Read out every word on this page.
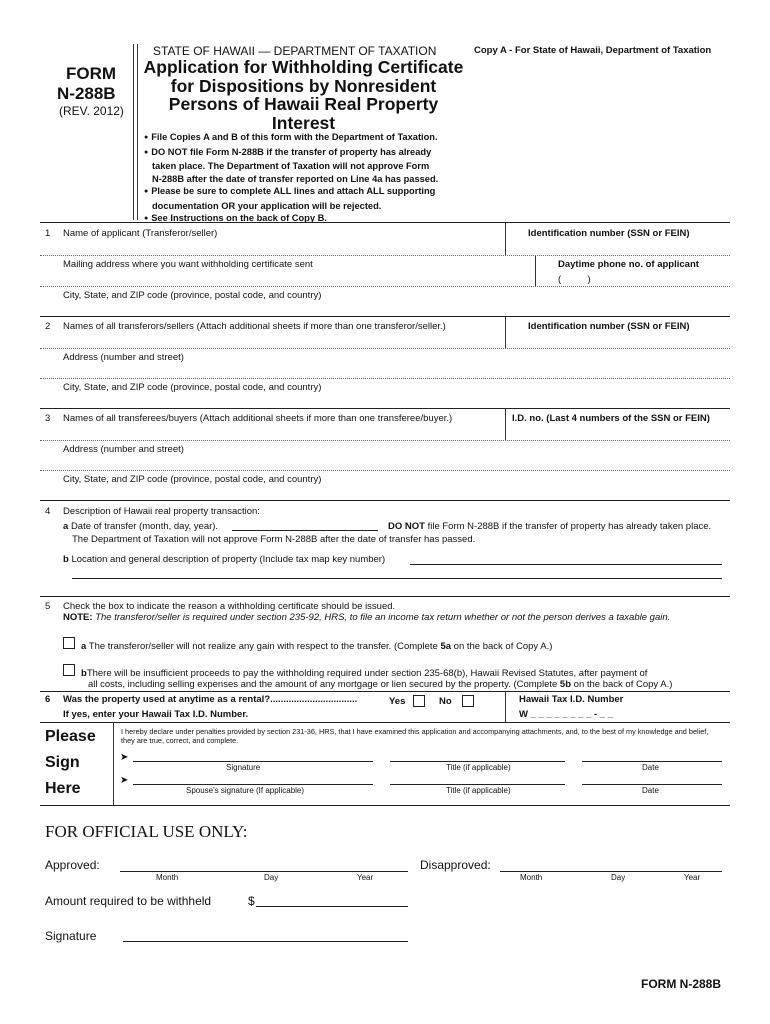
FORM
N-288B
(REV. 2012)
STATE OF HAWAII — DEPARTMENT OF TAXATION	Copy A - For State of Hawaii, Department of Taxation
Application for Withholding Certificate
for Dispositions by Nonresident
Persons of Hawaii Real Property
Interest
● File Copies A and B of this form with the Department of Taxation.
● DO NOT file Form N-288B if the transfer of property has already
taken place. The Department of Taxation will not approve Form
N-288B after the date of transfer reported on Line 4a has passed.
● Please be sure to complete ALL lines and attach ALL supporting
documentation OR your application will be rejected.
● See Instructions on the back of Copy B.
1 Name of applicant (Transferor/seller)	Identification number (SSN or FEIN)
Mailing address where you want withholding certificate sent	Daytime phone no. of applicant
(          )
City, State, and ZIP code (province, postal code, and country)
2 Names of all transferors/sellers (Attach additional sheets if more than one transferor/seller.)	Identification number (SSN or FEIN)
Address (number and street)
City, State, and ZIP code (province, postal code, and country)
3 Names of all transferees/buyers (Attach additional sheets if more than one transferee/buyer.)	I.D. no. (Last 4 numbers of the SSN or FEIN)
Address (number and street)
City, State, and ZIP code (province, postal code, and country)
4 Description of Hawaii real property transaction:
a Date of transfer (month, day, year).	DO NOT file Form N-288B if the transfer of property has already taken place.
The Department of Taxation will not approve Form N-288B after the date of transfer has passed.
b Location and general description of property (Include tax map key number)
5 Check the box to indicate the reason a withholding certificate should be issued.
NOTE: The transferor/seller is required under section 235-92, HRS, to file an income tax return whether or not the person derives a taxable gain.
a The transferor/seller will not realize any gain with respect to the transfer. (Complete 5a on the back of Copy A.)
bThere will be insufficient proceeds to pay the withholding required under section 235-68(b), Hawaii Revised Statutes, after payment of
all costs, including selling expenses and the amount of any mortgage or lien secured by the property. (Complete 5b on the back of Copy A.)
6 Was the property used at anytime as a rental?.................................	Yes	No	Hawaii Tax I.D. Number
If yes, enter your Hawaii Tax I.D. Number.	W _ _ _ _ _ _ _ _ - _ _
Please
Sign
Here
I hereby declare under penalties provided by section 231-36, HRS, that I have examined this application and accompanying attachments, and, to the best of my knowledge and belief, they are true, correct, and complete.
➤
Signature	Title (if applicable)	Date
➤
Spouse's signature (If applicable)	Title (if applicable)	Date
FOR OFFICIAL USE ONLY:
Approved:
Month	Day	Year
Disapproved:
Month	Day	Year
Amount required to be withheld	$
Signature
FORM N-288B
